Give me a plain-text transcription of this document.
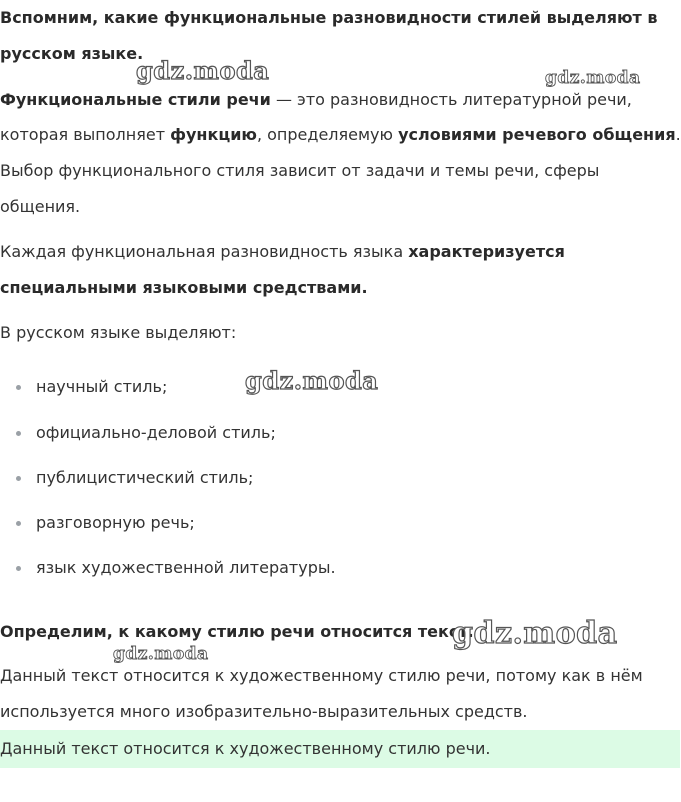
Вспомним, какие функциональные разновидности стилей выделяют в
русском языке.
Функциональные стили речи — это разновидность литературной речи,
которая выполняет функцию, определяемую условиями речевого общения.
Выбор функционального стиля зависит от задачи и темы речи, сферы
общения.
Каждая функциональная разновидность языка характеризуется
специальными языковыми средствами.
В русском языке выделяют:
научный стиль;
официально-деловой стиль;
публицистический стиль;
разговорную речь;
язык художественной литературы.
Определим, к какому стилю речи относится текст.
Данный текст относится к художественному стилю речи, потому как в нём
используется много изобразительно-выразительных средств.
Данный текст относится к художественному стилю речи.
gdz.moda	gdz.moda
gdz.moda
gdz.moda
gdz.moda
